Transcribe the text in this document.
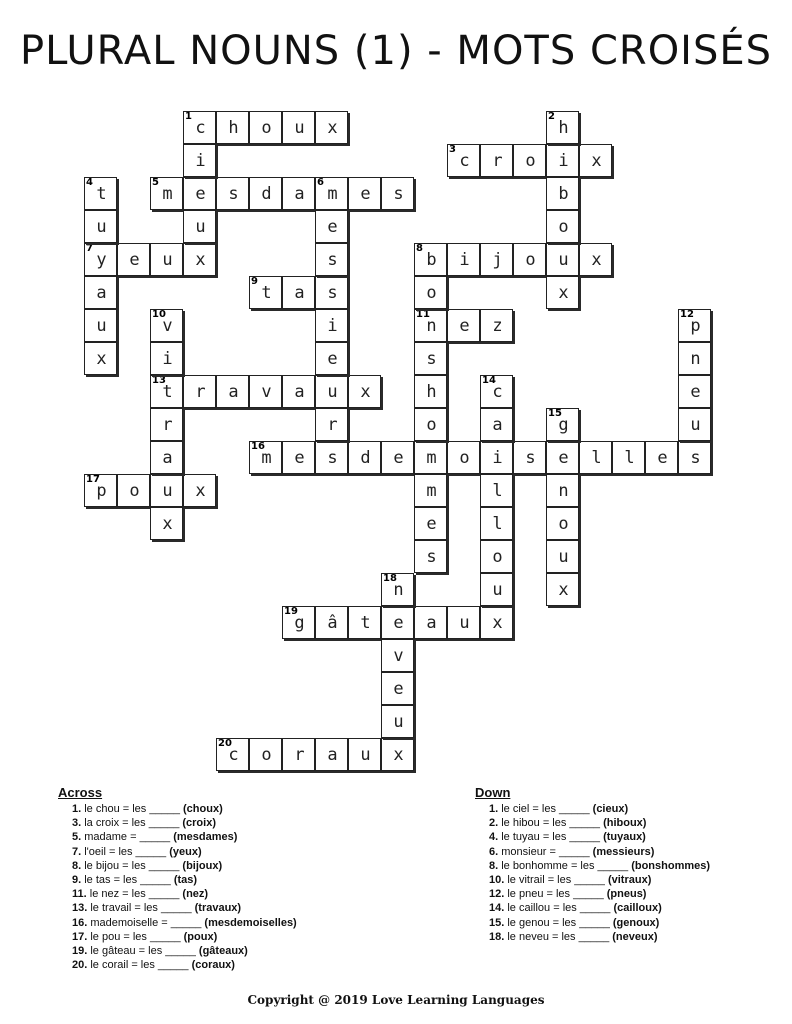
PLURAL NOUNS (1) - MOTS CROISÉS
c
1
h	o	u	x
c
3
r	o	i	x
m
5
e	s	d	a	m
6
e	s
y
7
e	u	x	b
8
i	j	o	u	x
t
9
a	s
n
11
e	z
t
13
r	a	v	a	u	x
m
16
e	s	d	e	m	o	i	s	e	l	l	e	s
p
17
o	u	x
g
19
â	t	e	a	u	x
c
20
o	r	a	u	x
i
u
h
2
b
o
x
t
4
u
a
u
x
e
s
i
e
r
o
s
h
o
m
e
s
v
10
i
r
a
x
p
12
n
e
u
c
14
a
l
l
o
u
g
15
n
o
u
x
n
18
v
e
u
Across
1. le chou = les _____ (choux)
3. la croix = les _____ (croix)
5. madame = _____ (mesdames)
7. l'oeil = les _____ (yeux)
8. le bijou = les _____ (bijoux)
9. le tas = les _____ (tas)
11. le nez = les _____ (nez)
13. le travail = les _____ (travaux)
16. mademoiselle = _____ (mesdemoiselles)
17. le pou = les _____ (poux)
19. le gâteau = les _____ (gâteaux)
20. le corail = les _____ (coraux)
Down
1. le ciel = les _____ (cieux)
2. le hibou = les _____ (hiboux)
4. le tuyau = les _____ (tuyaux)
6. monsieur = _____ (messieurs)
8. le bonhomme = les _____ (bonshommes)
10. le vitrail = les _____ (vitraux)
12. le pneu = les _____ (pneus)
14. le caillou = les _____ (cailloux)
15. le genou = les _____ (genoux)
18. le neveu = les _____ (neveux)
Copyright @ 2019 Love Learning Languages
